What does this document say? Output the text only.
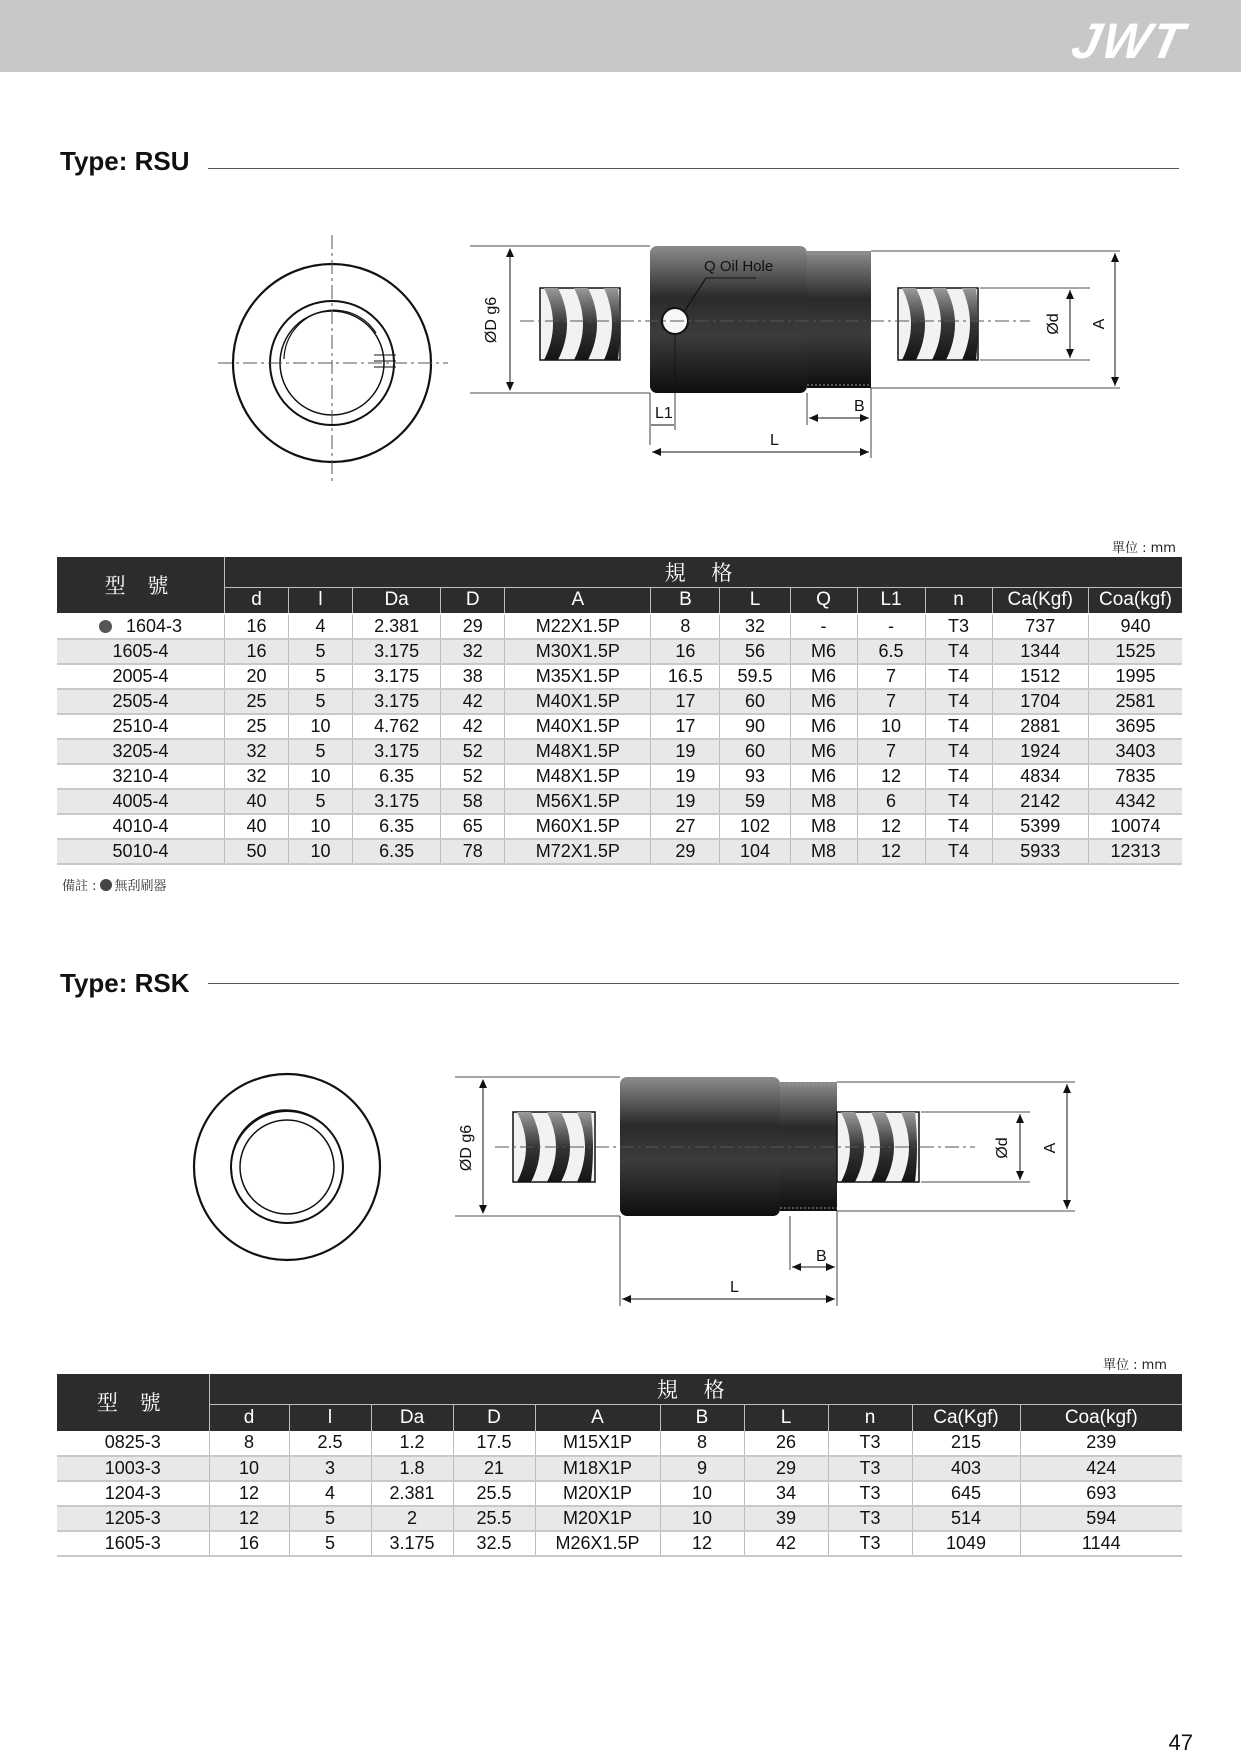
JWT
Type: RSU
Q Oil Hole
ØD g6	Ød A
L1	B
L
單位 : mm
型 號	規 格											
	d	l	Da	D	A	B	L	Q	L1	n	Ca(Kgf)	Coa(kgf)
1604-3	16	4	2.381	29	M22X1.5P	8	32	-	-	T3	737	940
1605-4	16	5	3.175	32	M30X1.5P	16	56	M6	6.5	T4	1344	1525
2005-4	20	5	3.175	38	M35X1.5P	16.5	59.5	M6	7	T4	1512	1995
2505-4	25	5	3.175	42	M40X1.5P	17	60	M6	7	T4	1704	2581
2510-4	25	10	4.762	42	M40X1.5P	17	90	M6	10	T4	2881	3695
3205-4	32	5	3.175	52	M48X1.5P	19	60	M6	7	T4	1924	3403
3210-4	32	10	6.35	52	M48X1.5P	19	93	M6	12	T4	4834	7835
4005-4	40	5	3.175	58	M56X1.5P	19	59	M8	6	T4	2142	4342
4010-4	40	10	6.35	65	M60X1.5P	27	102	M8	12	T4	5399	10074
5010-4	50	10	6.35	78	M72X1.5P	29	104	M8	12	T4	5933	12313
備註 : 無刮刷器
Type: RSK
ØD g6	Ød A
B
L
單位 : mm
型 號	規 格									
	d	l	Da	D	A	B	L	n	Ca(Kgf)	Coa(kgf)
0825-3	8	2.5	1.2	17.5	M15X1P	8	26	T3	215	239
1003-3	10	3	1.8	21	M18X1P	9	29	T3	403	424
1204-3	12	4	2.381	25.5	M20X1P	10	34	T3	645	693
1205-3	12	5	2	25.5	M20X1P	10	39	T3	514	594
1605-3	16	5	3.175	32.5	M26X1.5P	12	42	T3	1049	1144
47
